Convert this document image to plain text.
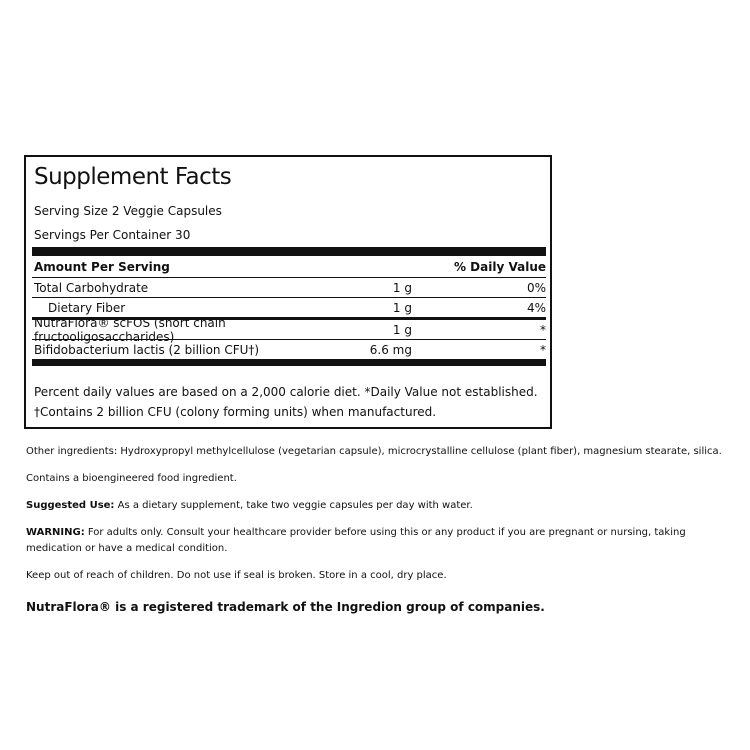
Supplement Facts
Serving Size 2 Veggie Capsules
Servings Per Container 30
Amount Per Serving	% Daily Value
Total Carbohydrate	1 g	0%
Dietary Fiber	1 g	4%
NutraFlora® scFOS (short chain fructooligosaccharides)	1 g	*
Bifidobacterium lactis (2 billion CFU†)	6.6 mg	*
Percent daily values are based on a 2,000 calorie diet. *Daily Value not established.
†Contains 2 billion CFU (colony forming units) when manufactured.
Other ingredients: Hydroxypropyl methylcellulose (vegetarian capsule), microcrystalline cellulose (plant fiber), magnesium stearate, silica.
Contains a bioengineered food ingredient.
Suggested Use: As a dietary supplement, take two veggie capsules per day with water.
WARNING: For adults only. Consult your healthcare provider before using this or any product if you are pregnant or nursing, taking medication or have a medical condition.
Keep out of reach of children. Do not use if seal is broken. Store in a cool, dry place.
NutraFlora® is a registered trademark of the Ingredion group of companies.
